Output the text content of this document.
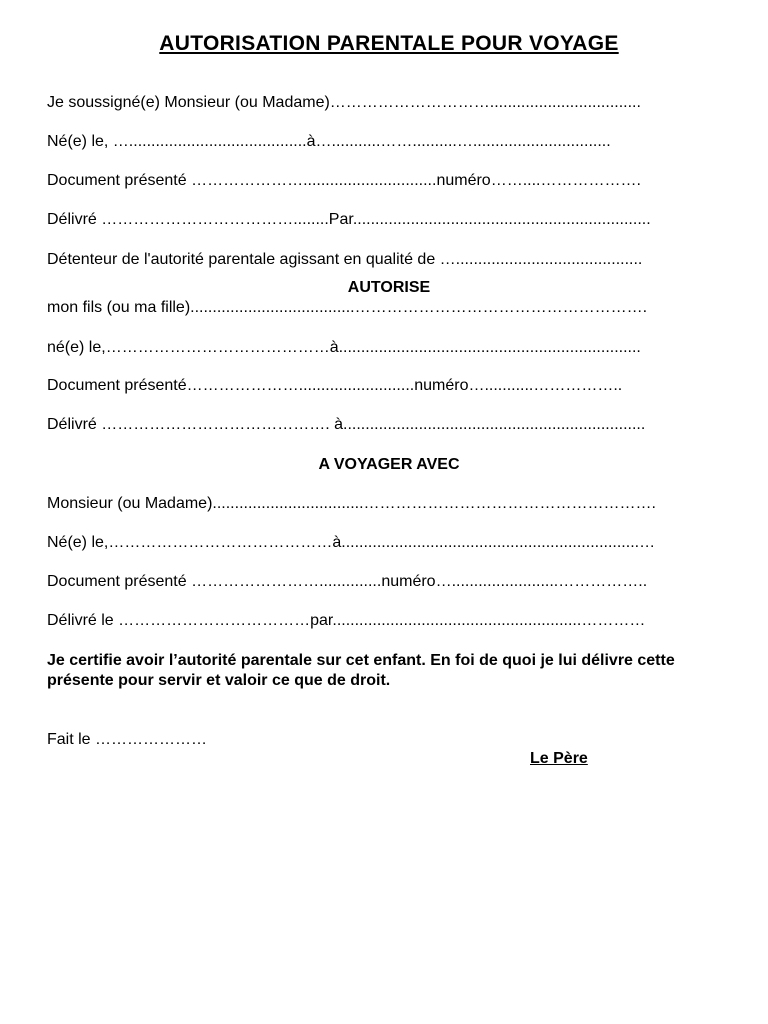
AUTORISATION PARENTALE POUR VOYAGE
Je soussigné(e) Monsieur (ou Madame)…………………………..................................
Né(e) le, …........................................à…...........……..........…...............................
Document présenté …………………..............................numéro……....……………….
Délivré ………………………………........Par...................................................................
Détenteur de l'autorité parentale agissant en qualité de …..........................................
AUTORISE
mon fils (ou ma fille).....................................……………………………………………….
né(e) le,……………………………………à....................................................................
Document présenté…………………..........................numéro…...........……………..
Délivré ……………………………………. à....................................................................
A VOYAGER AVEC
Monsieur (ou Madame)..................................……………………………………………….
Né(e) le,……………………………………à...................................................................…
Document présenté ……………………..............numéro…........................……………..
Délivré le ………………………………par........................................................…………
Je certifie avoir l’autorité parentale sur cet enfant. En foi de quoi je lui délivre cette présente pour servir et valoir ce que de droit.
Fait le …………………
Le Père
